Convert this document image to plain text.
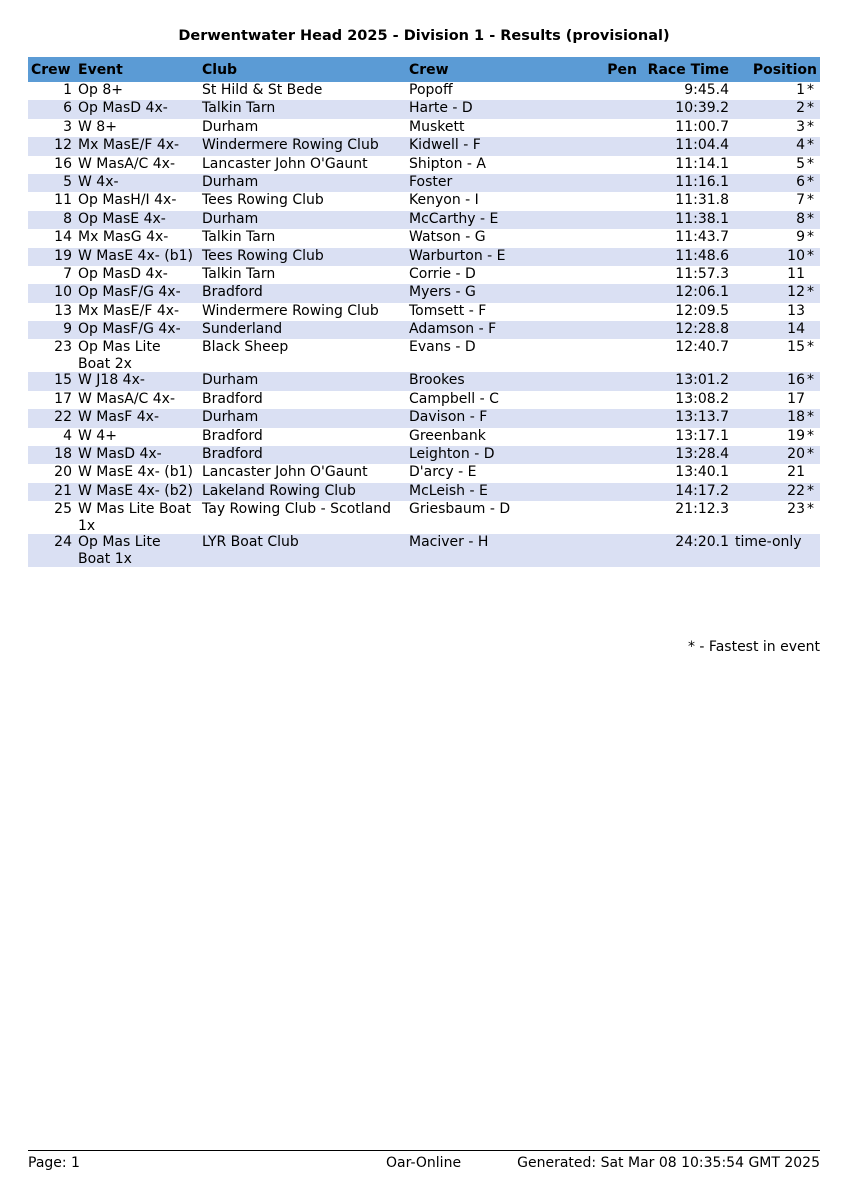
Derwentwater Head 2025 - Division 1 - Results (provisional)
Crew	Event	Club	Crew	Pen	Race Time	Position
1	Op 8+	St Hild & St Bede	Popoff		9:45.4	1 *
6	Op MasD 4x-	Talkin Tarn	Harte - D		10:39.2	2 *
3	W 8+	Durham	Muskett		11:00.7	3 *
12	Mx MasE/F 4x-	Windermere Rowing Club	Kidwell - F		11:04.4	4 *
16	W MasA/C 4x-	Lancaster John O'Gaunt	Shipton - A		11:14.1	5 *
5	W 4x-	Durham	Foster		11:16.1	6 *
11	Op MasH/I 4x-	Tees Rowing Club	Kenyon - I		11:31.8	7 *
8	Op MasE 4x-	Durham	McCarthy - E		11:38.1	8 *
14	Mx MasG 4x-	Talkin Tarn	Watson - G		11:43.7	9 *
19	W MasE 4x- (b1)	Tees Rowing Club	Warburton - E		11:48.6	10 *
7	Op MasD 4x-	Talkin Tarn	Corrie - D		11:57.3	11
10	Op MasF/G 4x-	Bradford	Myers - G		12:06.1	12 *
13	Mx MasE/F 4x-	Windermere Rowing Club	Tomsett - F		12:09.5	13
9	Op MasF/G 4x-	Sunderland	Adamson - F		12:28.8	14
23	Op Mas Lite Boat 2x	Black Sheep	Evans - D		12:40.7	15 *
15	W J18 4x-	Durham	Brookes		13:01.2	16 *
17	W MasA/C 4x-	Bradford	Campbell - C		13:08.2	17
22	W MasF 4x-	Durham	Davison - F		13:13.7	18 *
4	W 4+	Bradford	Greenbank		13:17.1	19 *
18	W MasD 4x-	Bradford	Leighton - D		13:28.4	20 *
20	W MasE 4x- (b1)	Lancaster John O'Gaunt	D'arcy - E		13:40.1	21
21	W MasE 4x- (b2)	Lakeland Rowing Club	McLeish - E		14:17.2	22 *
25	W Mas Lite Boat 1x	Tay Rowing Club - Scotland	Griesbaum - D		21:12.3	23 *
24	Op Mas Lite Boat 1x	LYR Boat Club	Maciver - H		24:20.1	time-only
* - Fastest in event
Page: 1	Oar-Online	Generated: Sat Mar 08 10:35:54 GMT 2025
